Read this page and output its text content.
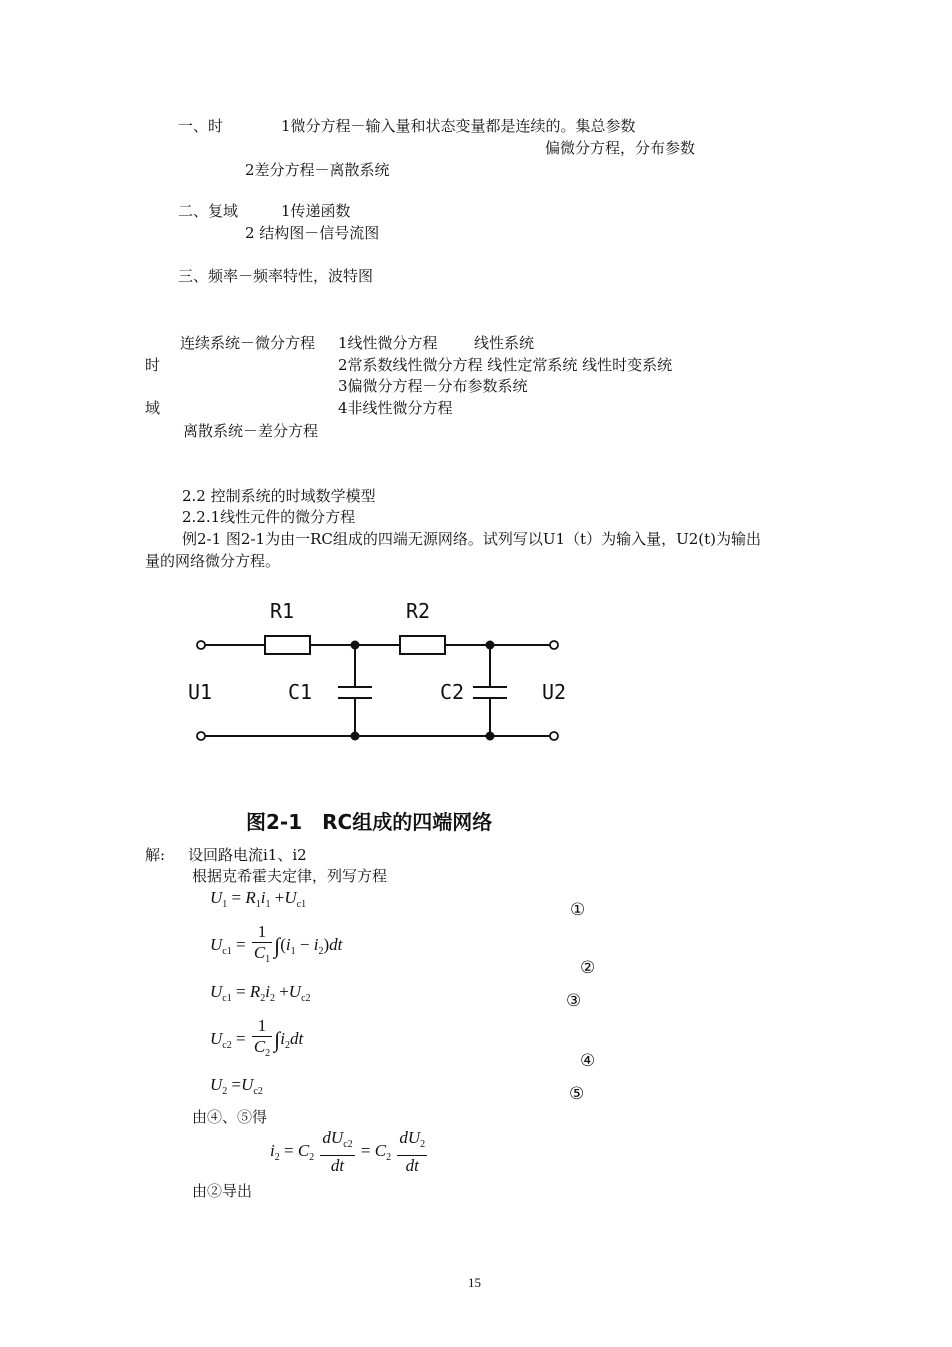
一、时	1微分方程－输入量和状态变量都是连续的。集总参数
偏微分方程，分布参数
2差分方程－离散系统
二、复域	1传递函数
2 结构图－信号流图
三、频率－频率特性，波特图
连续系统－微分方程 1线性微分方程 线性系统
时	2常系数线性微分方程 线性定常系统 线性时变系统
3偏微分方程－分布参数系统
域	4非线性微分方程
离散系统－差分方程
2.2 控制系统的时域数学模型
2.2.1线性元件的微分方程
例2-1 图2-1为由一RC组成的四端无源网络。试列写以U1（t）为输入量，U2(t)为输出
量的网络微分方程。
R1	R2
U1	C1	C2	U2
图2-1　RC组成的四端网络
解: 设回路电流i1、i2
根据克希霍夫定律，列写方程
$U_1 = R_1i_1 +U_{c1}$
$U_{c1} = \frac{1}{C_1} \int(i_1 - i_2)dt$
$U_{c1} = R_2i_2 +U_{c2}$
$U_{c2} = \frac{1}{C_2} \int i_2dt$
$U_2 =U_{c2}$
①
②
③
④
⑤
由④、⑤得
$i_2 = C_2 \frac{dU_{c2}}{dt} = C_2 \frac{dU_2}{dt}$
由②导出
15
